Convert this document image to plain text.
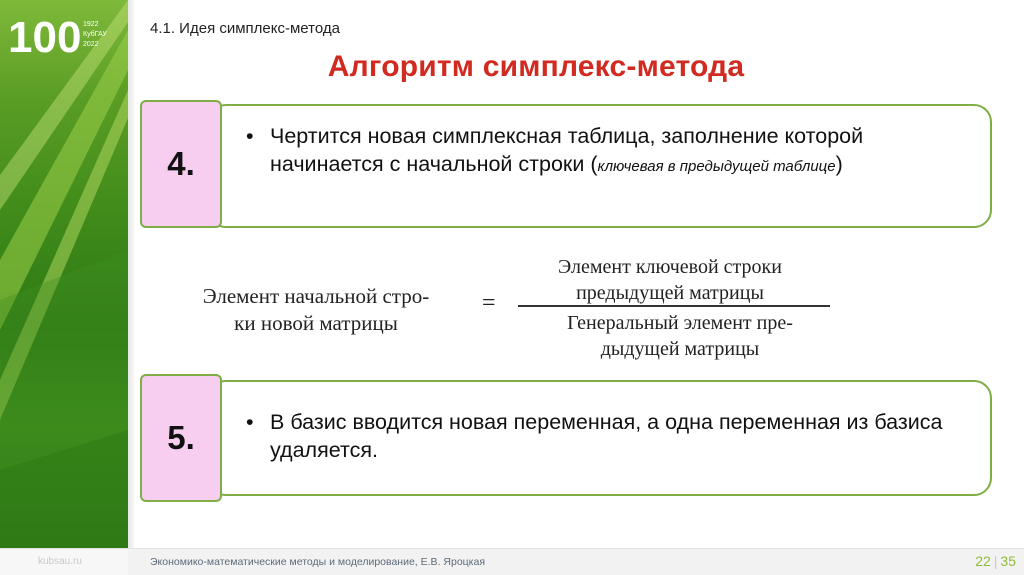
100 1922
КубГАУ
2022
4.1. Идея симплекс-метода
Алгоритм симплекс-метода
4.
• Чертится новая симплексная таблица, заполнение которой начинается с начальной строки (ключевая в предыдущей таблице)
Элемент начальной стро-
ки новой матрицы
=
Элемент ключевой строки
предыдущей матрицы
Генеральный элемент пре-
дыдущей матрицы
5. • В базис вводится новая переменная, а одна переменная из базиса удаляется.
kubsau.ru	Экономико-математические методы и моделирование, Е.В. Яроцкая	22 | 35
